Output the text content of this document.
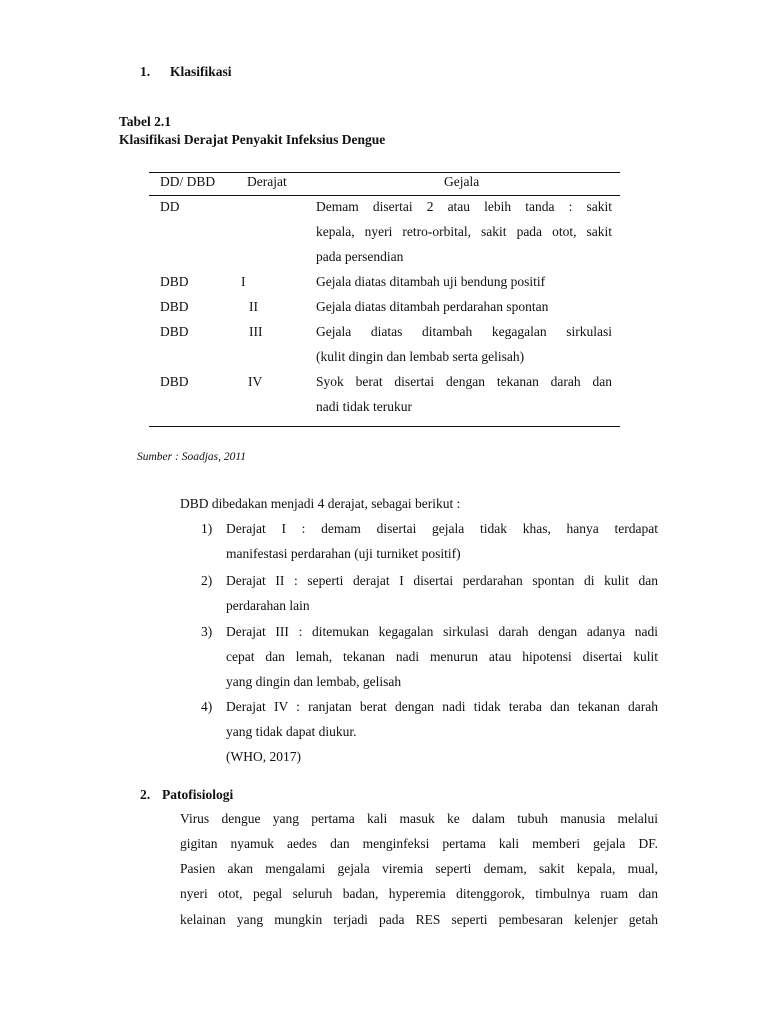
1. Klasifikasi
Tabel 2.1
Klasifikasi Derajat Penyakit Infeksius Dengue
DD/ DBD Derajat	Gejala
DD	Demam disertai 2 atau lebih tanda : sakit
kepala, nyeri retro-orbital, sakit pada otot, sakit
pada persendian
DBD	I	Gejala diatas ditambah uji bendung positif
DBD	II	Gejala diatas ditambah perdarahan spontan
DBD	III	Gejala diatas ditambah kegagalan sirkulasi
(kulit dingin dan lembab serta gelisah)
DBD	IV	Syok berat disertai dengan tekanan darah dan
nadi tidak terukur
Sumber : Soadjas, 2011
DBD dibedakan menjadi 4 derajat, sebagai berikut :
1) Derajat I : demam disertai gejala tidak khas, hanya terdapat
manifestasi perdarahan (uji turniket positif)
2) Derajat II : seperti derajat I disertai perdarahan spontan di kulit dan
perdarahan lain
3) Derajat III : ditemukan kegagalan sirkulasi darah dengan adanya nadi
cepat dan lemah, tekanan nadi menurun atau hipotensi disertai kulit
yang dingin dan lembab, gelisah
4) Derajat IV : ranjatan berat dengan nadi tidak teraba dan tekanan darah
yang tidak dapat diukur.
(WHO, 2017)
2. Patofisiologi
Virus dengue yang pertama kali masuk ke dalam tubuh manusia melalui
gigitan nyamuk aedes dan menginfeksi pertama kali memberi gejala DF.
Pasien akan mengalami gejala viremia seperti demam, sakit kepala, mual,
nyeri otot, pegal seluruh badan, hyperemia ditenggorok, timbulnya ruam dan
kelainan yang mungkin terjadi pada RES seperti pembesaran kelenjer getah
